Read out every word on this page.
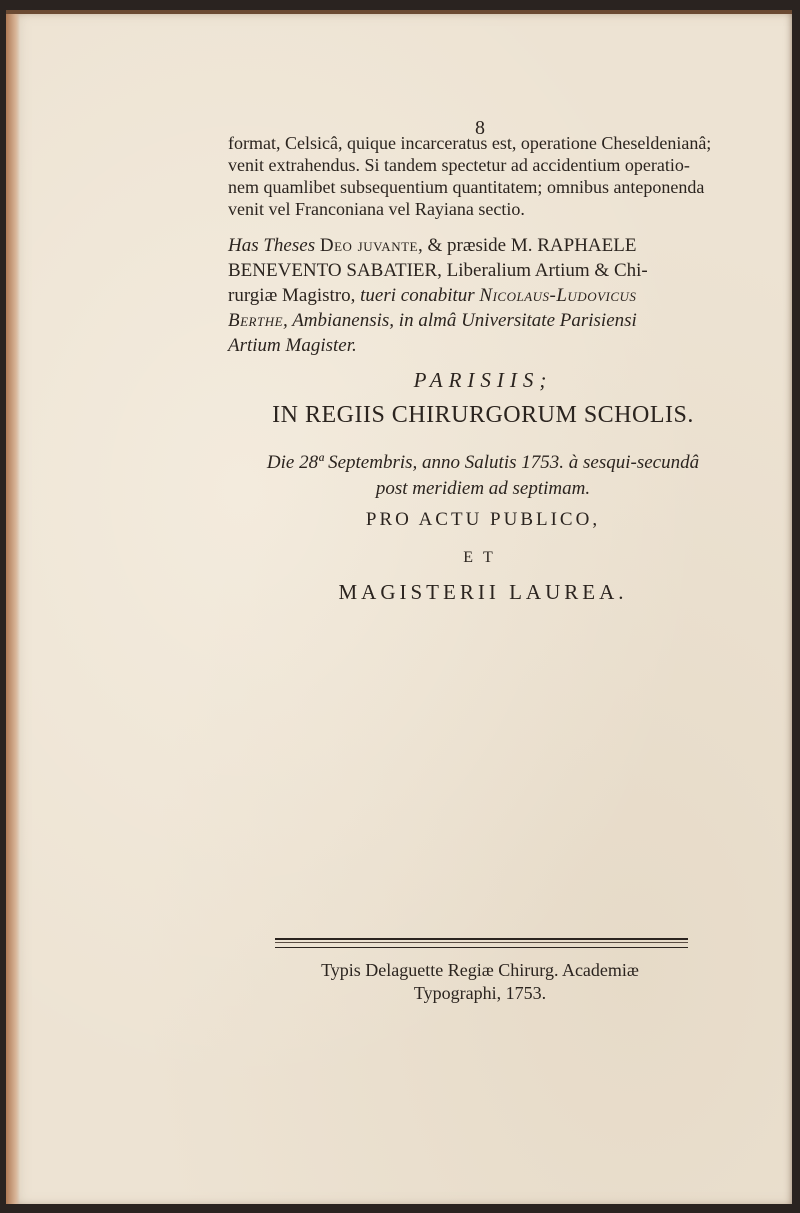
8
format, Celsicâ, quique incarceratus est, operatione Cheseldenianâ;
venit extrahendus. Si tandem spectetur ad accidentium operatio-
nem quamlibet subsequentium quantitatem; omnibus anteponenda
venit vel Franconiana vel Rayiana sectio.
Has Theses Deo juvante, & præside M. RAPHAELE
BENEVENTO SABATIER, Liberalium Artium & Chi-
rurgiæ Magistro, tueri conabitur Nicolaus-Ludovicus
Berthe, Ambianensis, in almâ Universitate Parisiensi
Artium Magister.
PARISIIS;
IN REGIIS CHIRURGORUM SCHOLIS.
Die 28ª Septembris, anno Salutis 1753. à sesqui-secundâ
post meridiem ad septimam.
PRO ACTU PUBLICO,
ET
MAGISTERII LAUREA.
Typis Delaguette Regiæ Chirurg. Academiæ
Typographi, 1753.
